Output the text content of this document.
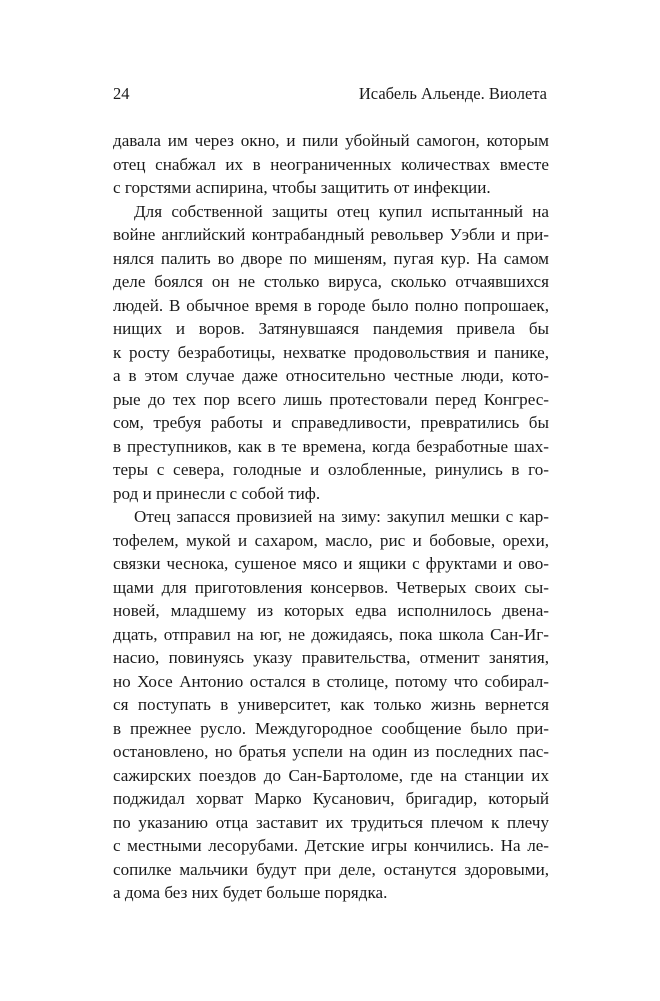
24	Исабель Альенде. Виолета
давала им через окно, и пили убойный самогон, которым
отец снабжал их в неограниченных количествах вместе
с горстями аспирина, чтобы защитить от инфекции.
Для собственной защиты отец купил испытанный на
войне английский контрабандный револьвер Уэбли и при-
нялся палить во дворе по мишеням, пугая кур. На самом
деле боялся он не столько вируса, сколько отчаявшихся
людей. В обычное время в городе было полно попрошаек,
нищих и воров. Затянувшаяся пандемия привела бы
к росту безработицы, нехватке продовольствия и панике,
а в этом случае даже относительно честные люди, кото-
рые до тех пор всего лишь протестовали перед Конгрес-
сом, требуя работы и справедливости, превратились бы
в преступников, как в те времена, когда безработные шах-
теры с севера, голодные и озлобленные, ринулись в го-
род и принесли с собой тиф.
Отец запасся провизией на зиму: закупил мешки с кар-
тофелем, мукой и сахаром, масло, рис и бобовые, орехи,
связки чеснока, сушеное мясо и ящики с фруктами и ово-
щами для приготовления консервов. Четверых своих сы-
новей, младшему из которых едва исполнилось двена-
дцать, отправил на юг, не дожидаясь, пока школа Сан-Иг-
насио, повинуясь указу правительства, отменит занятия,
но Хосе Антонио остался в столице, потому что собирал-
ся поступать в университет, как только жизнь вернется
в прежнее русло. Междугородное сообщение было при-
остановлено, но братья успели на один из последних пас-
сажирских поездов до Сан-Бартоломе, где на станции их
поджидал хорват Марко Кусанович, бригадир, который
по указанию отца заставит их трудиться плечом к плечу
с местными лесорубами. Детские игры кончились. На ле-
сопилке мальчики будут при деле, останутся здоровыми,
а дома без них будет больше порядка.
